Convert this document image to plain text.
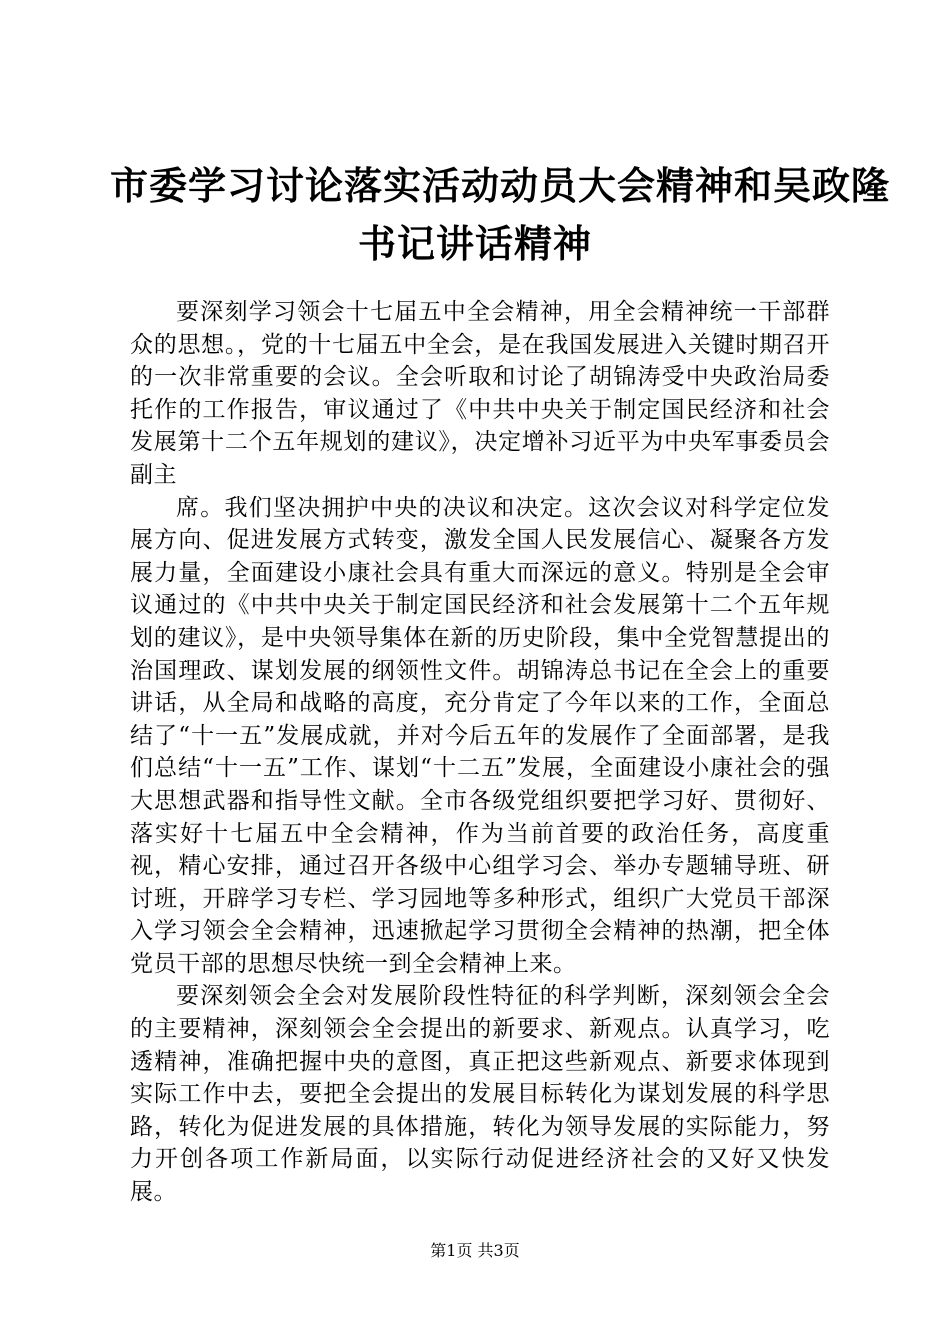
市委学习讨论落实活动动员大会精神和吴政隆
书记讲话精神

要深刻学习领会十七届五中全会精神，用全会精神统一干部群众的思想。，党的十七届五中全会，是在我国发展进入关键时期召开的一次非常重要的会议。全会听取和讨论了胡锦涛受中央政治局委托作的工作报告，审议通过了《中共中央关于制定国民经济和社会发展第十二个五年规划的建议》，决定增补习近平为中央军事委员会副主

席。我们坚决拥护中央的决议和决定。这次会议对科学定位发展方向、促进发展方式转变，激发全国人民发展信心、凝聚各方发展力量，全面建设小康社会具有重大而深远的意义。特别是全会审议通过的《中共中央关于制定国民经济和社会发展第十二个五年规划的建议》，是中央领导集体在新的历史阶段，集中全党智慧提出的治国理政、谋划发展的纲领性文件。胡锦涛总书记在全会上的重要讲话，从全局和战略的高度，充分肯定了今年以来的工作，全面总结了“十一五”发展成就，并对今后五年的发展作了全面部署，是我们总结“十一五”工作、谋划“十二五”发展，全面建设小康社会的强大思想武器和指导性文献。全市各级党组织要把学习好、贯彻好、落实好十七届五中全会精神，作为当前首要的政治任务，高度重视，精心安排，通过召开各级中心组学习会、举办专题辅导班、研讨班，开辟学习专栏、学习园地等多种形式，组织广大党员干部深入学习领会全会精神，迅速掀起学习贯彻全会精神的热潮，把全体党员干部的思想尽快统一到全会精神上来。

要深刻领会全会对发展阶段性特征的科学判断，深刻领会全会的主要精神，深刻领会全会提出的新要求、新观点。认真学习，吃透精神，准确把握中央的意图，真正把这些新观点、新要求体现到实际工作中去，要把全会提出的发展目标转化为谋划发展的科学思路，转化为促进发展的具体措施，转化为领导发展的实际能力，努力开创各项工作新局面，以实际行动促进经济社会的又好又快发展。

第1页 共3页
